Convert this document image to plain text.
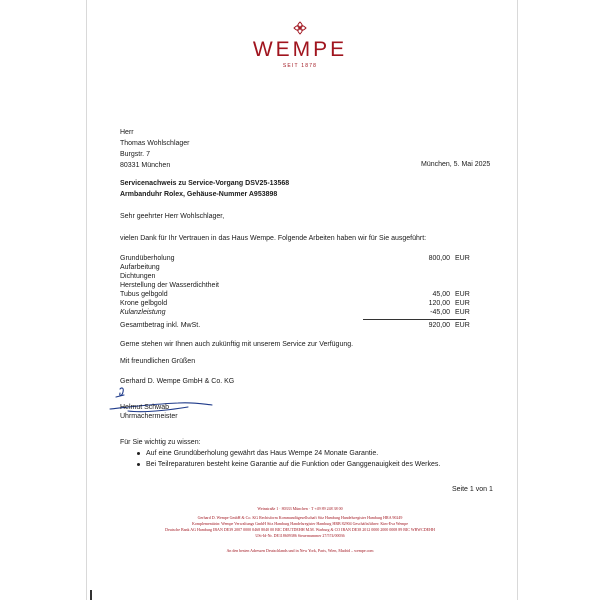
WEMPE
SEIT 1878
Herr
Thomas Wohlschlager
Burgstr. 7
80331 München	München, 5. Mai 2025
Servicenachweis zu Service-Vorgang DSV25-13568
Armbanduhr Rolex, Gehäuse-Nummer A953898
Sehr geehrter Herr Wohlschlager,
vielen Dank für Ihr Vertrauen in das Haus Wempe. Folgende Arbeiten haben wir für Sie ausgeführt:
Grundüberholung	800,00 EUR
Aufarbeitung
Dichtungen
Herstellung der Wasserdichtheit
Tubus gelbgold	45,00 EUR
Krone gelbgold	120,00 EUR
Kulanzleistung	-45,00 EUR
Gesamtbetrag inkl. MwSt.	920,00 EUR
Gerne stehen wir Ihnen auch zukünftig mit unserem Service zur Verfügung.
Mit freundlichen Grüßen
Gerhard D. Wempe GmbH & Co. KG
Helmut Schwab
Uhrmachermeister
Für Sie wichtig zu wissen:
Auf eine Grundüberholung gewährt das Haus Wempe 24 Monate Garantie.
Bei Teilreparaturen besteht keine Garantie auf die Funktion oder Ganggenauigkeit des Werkes.
Seite 1 von 1
Weinstraße 1 · 80333 München · T +49 89 248 38 00
Gerhard D. Wempe GmbH & Co. KG Rechtsform Kommanditgesellschaft Sitz Hamburg Handelsregister Hamburg HRA 90249
Komplementärin: Wempe Verwaltungs GmbH Sitz Hamburg Handelsregister Hamburg HRB 82904 Geschäftsführer: Kim-Eva Wempe
Deutsche Bank AG Hamburg IBAN DE39 2007 0000 0468 8040 00 BIC DEUTDEHH M.M. Warburg & CO IBAN DE38 2012 0000 2000 0008 89 BIC WBWCDEHH
USt-Id-Nr. DE118609386 Steuernummer 27/574/00036
An den besten Adressen Deutschlands und in New York, Paris, Wien, Madrid – wempe.com
